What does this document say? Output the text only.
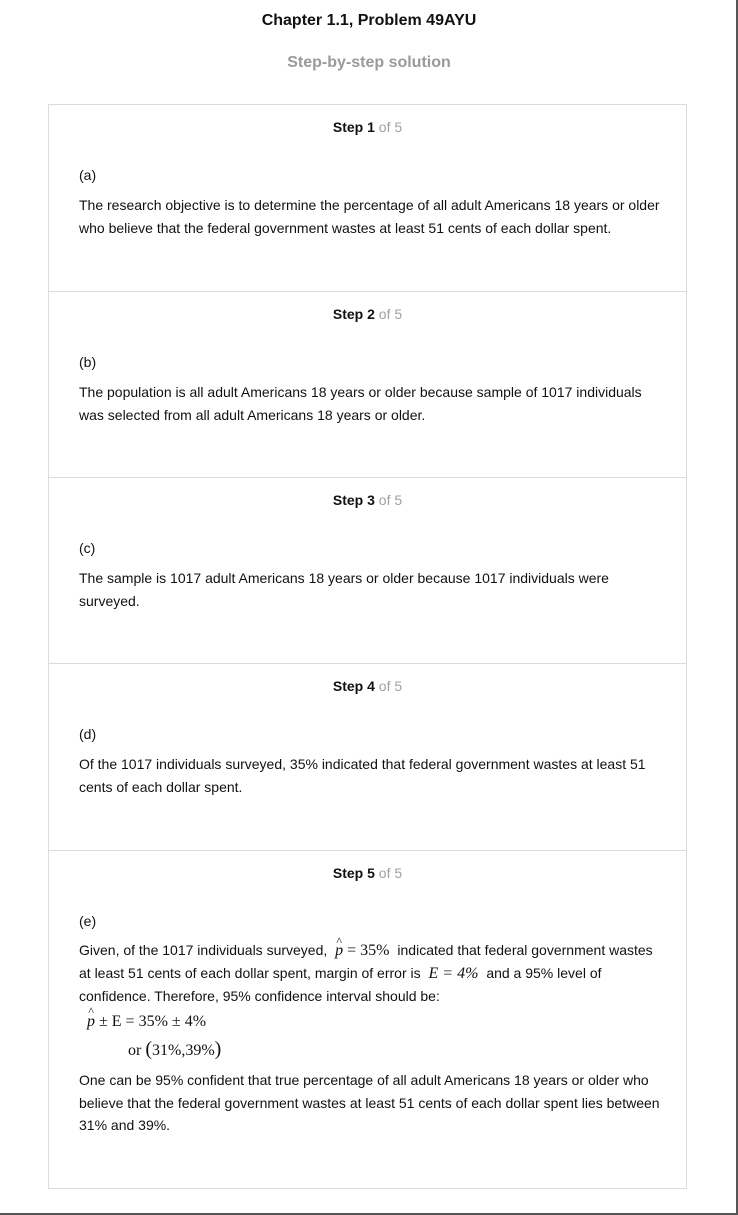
Chapter 1.1, Problem 49AYU
Step-by-step solution
Step 1 of 5
(a)
The research objective is to determine the percentage of all adult Americans 18 years or older who believe that the federal government wastes at least 51 cents of each dollar spent.
Step 2 of 5
(b)
The population is all adult Americans 18 years or older because sample of 1017 individuals was selected from all adult Americans 18 years or older.
Step 3 of 5
(c)
The sample is 1017 adult Americans 18 years or older because 1017 individuals were surveyed.
Step 4 of 5
(d)
Of the 1017 individuals surveyed, 35% indicated that federal government wastes at least 51 cents of each dollar spent.
Step 5 of 5
(e)
Given, of the 1017 individuals surveyed, ^ p = 35% indicated that federal government wastes at least 51 cents of each dollar spent, margin of error is E = 4% and a 95% level of confidence. Therefore, 95% confidence interval should be:
^ p ± E = 35% ± 4%
or (31%,39%)
One can be 95% confident that true percentage of all adult Americans 18 years or older who believe that the federal government wastes at least 51 cents of each dollar spent lies between 31% and 39%.
